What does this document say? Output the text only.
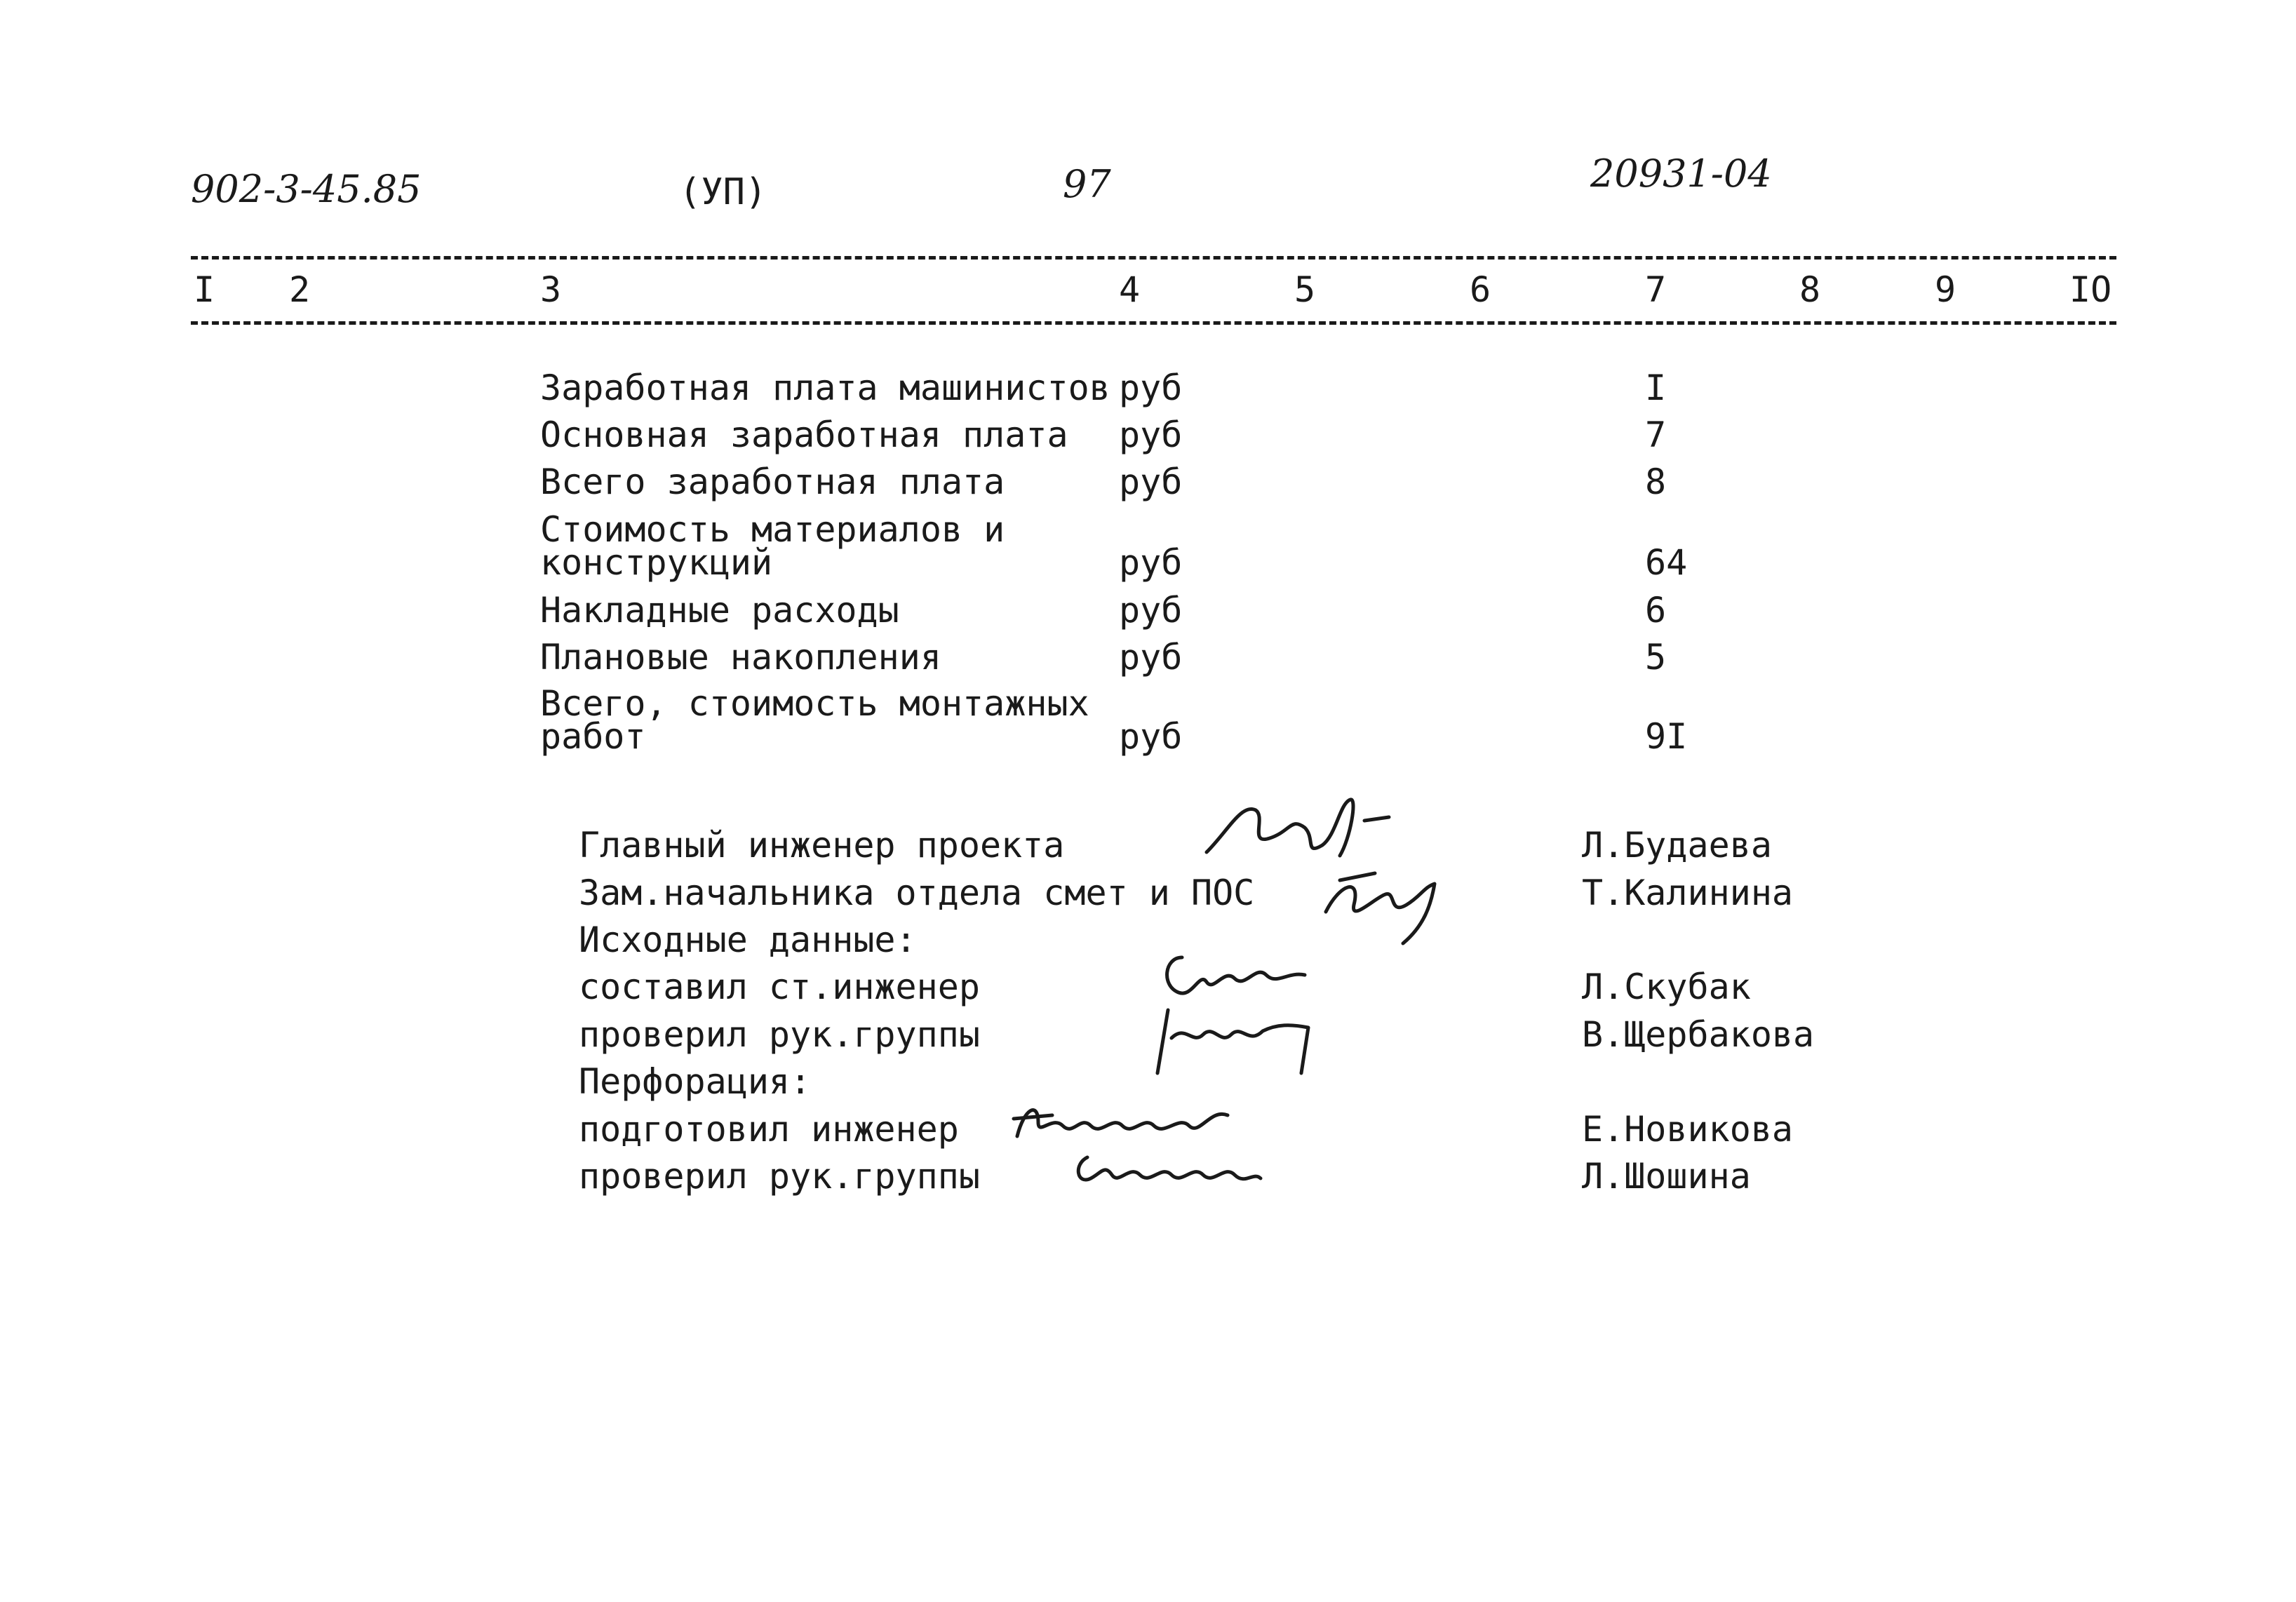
902-3-45.85	(УП)	97	20931-04
I 2	3	4	5	6	7	8	9	IO
Заработная плата машинистов руб	I
Основная заработная плата руб	7
Всего заработная плата	руб	8
Стоимость материалов и
конструкций	руб	64
Накладные расходы	руб	6
Плановые накопления	руб	5
Всего, стоимость монтажных
работ	руб	9I
Главный инженер проекта	Л.Будаева
Зам.начальника отдела смет и ПОС	Т.Калинина
Исходные данные:
составил ст.инженер	Л.Скубак
проверил рук.группы	В.Щербакова
Перфорация:
подготовил инженер	Е.Новикова
проверил рук.группы	Л.Шошина
